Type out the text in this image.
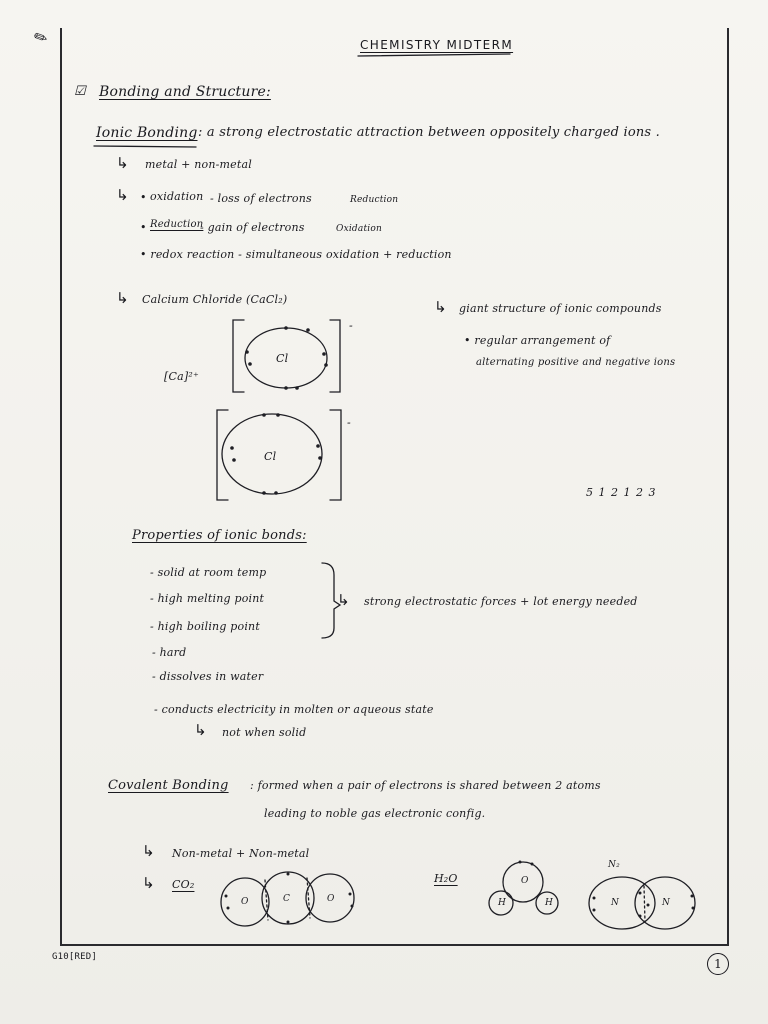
✎	CHEMISTRY MIDTERM
☑ Bonding and Structure:
Ionic Bonding : a strong electrostatic attraction between oppositely charged ions .
↳ metal + non-metal
↳ • oxidation - loss of electrons	Reduction
• Reduction
- gain of electrons	Oxidation
• redox reaction - simultaneous oxidation + reduction
↳ Calcium Chloride (CaCl₂)
[Ca]²⁺
Cl
Cl
-
-
↳ giant structure of ionic compounds
• regular arrangement of
alternating positive and negative ions
5 1 2 1 2 3
Properties of ionic bonds:
- solid at room temp
- high melting point
- high boiling point
- hard
- dissolves in water
- conducts electricity in molten or aqueous state
↳ not when solid
↳ strong electrostatic forces + lot energy needed
Covalent Bonding : formed when a pair of electrons is shared between 2 atoms
leading to noble gas electronic config.
↳ Non-metal + Non-metal
↳ CO₂	H₂O
N₂
O	C	O
O
H	H	N	N
G10[RED]	1
